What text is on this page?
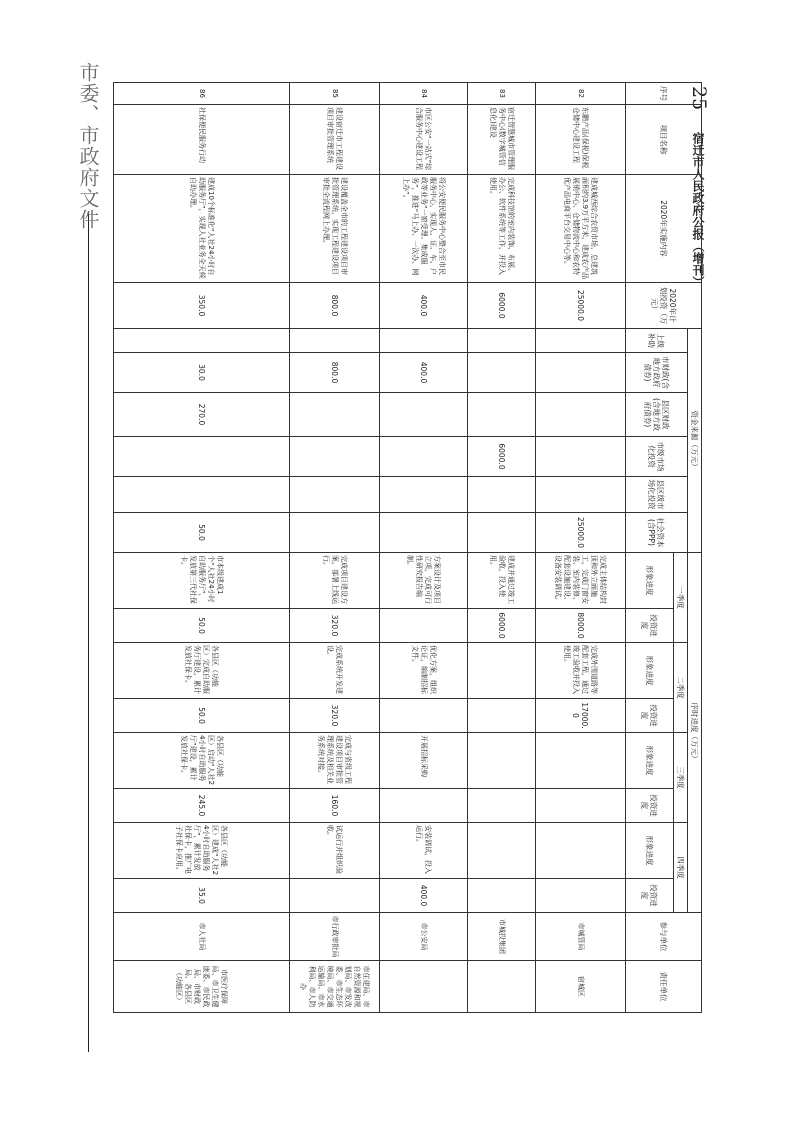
市委、市政府文件	25
宿迁市人民政府公报（增刊）
序号	项目名称	2020年实施内容	2020年计划投资（万元）	资金来源（万元）						序时进度（万元）								参与单位	责任单位
				上级补助	市财政(含地方政府债券)	县区财政(含地方政府债券)	市级市场化投资	县区级市场化投资	社会资本(含PPP)	一季度		二季度		三季度		四季度			
										形象进度	投资进度	形象进度	投资进度	形象进度	投资进度	形象进度	投资进度		
82	东鹏产品(保税)保税仓储中心建设工程	建成城西综合农贸市场，总建筑面积约3.9万平方米，建成农产品展销中心、仓储物流中心和农特优产品电商平台交易中心等。	25000.0						25000.0	完成主体结构封顶和外立面施工，完成门窗安装、室内装修、配套设施建设、设备安装调试。	8000.0	完成外围道路等配套工程，通过竣工验收并投入使用。	17000.0					市城管局	宿城区
83	宿迁智慧城市管理服务中心(数字城管信息化)建设	完成科技馆的室内装饰、布展、办公、软件系统等工作，并投入使用。	6000.0				6000.0			建成并通过竣工验收，投入使用。	6000.0							市城投集团	
84	市区公安“一站式”综合服务中心建设工程	将公安便民服务中心整合至市民服务中心，实现人、证、车、户政等业务“一窗受理、集成服务”，推进“马上办、一次办、网上办”。	400.0		400.0					方案设计及项目立项，完成可行性研究报告编制。		优化方案，组织论证，编制招标文件。		开展招标采购		安装调试，投入运行。	400.0	市公安局	
85	建设宿迁市工程建设项目审批管理系统	建设覆盖全市的工程建设项目审批管理系统，实现工程建设项目审批全流程网上办理。	800.0		800.0					完成项目建设方案，部署上线运行。	320.0	完成系统开发建设。	320.0	完成与省级工程建设项目审批管理系统及相关业务系统对接。	160.0	试运行并组织验收。		市行政审批局	市住建局、市自然资源和规划局、市发改委、市生态环境局、市交通运输局、市水利局、市人防办
86	社保便民服务行动	建成10个标准化“人社24小时自助服务厅”，实现人社业务全天候自助办理。	350.0		30.0	270.0			50.0	市本级建成1个“人社24小时自助服务厅”，发放第三代社保卡。	50.0	各县区（功能区）完成自助服务厅建设，累计发放社保卡。	50.0	各县区（功能区）启动“人社24小时自助服务厅”建设，累计发放社保卡。	245.0	各县区（功能区）建成“人社24小时自助服务厅”，累计发放社保卡，推广电子社保卡应用。	35.0	市人社局	市医疗保障局、市卫生健康委、市民政局、市财政局、各县区（功能区）
